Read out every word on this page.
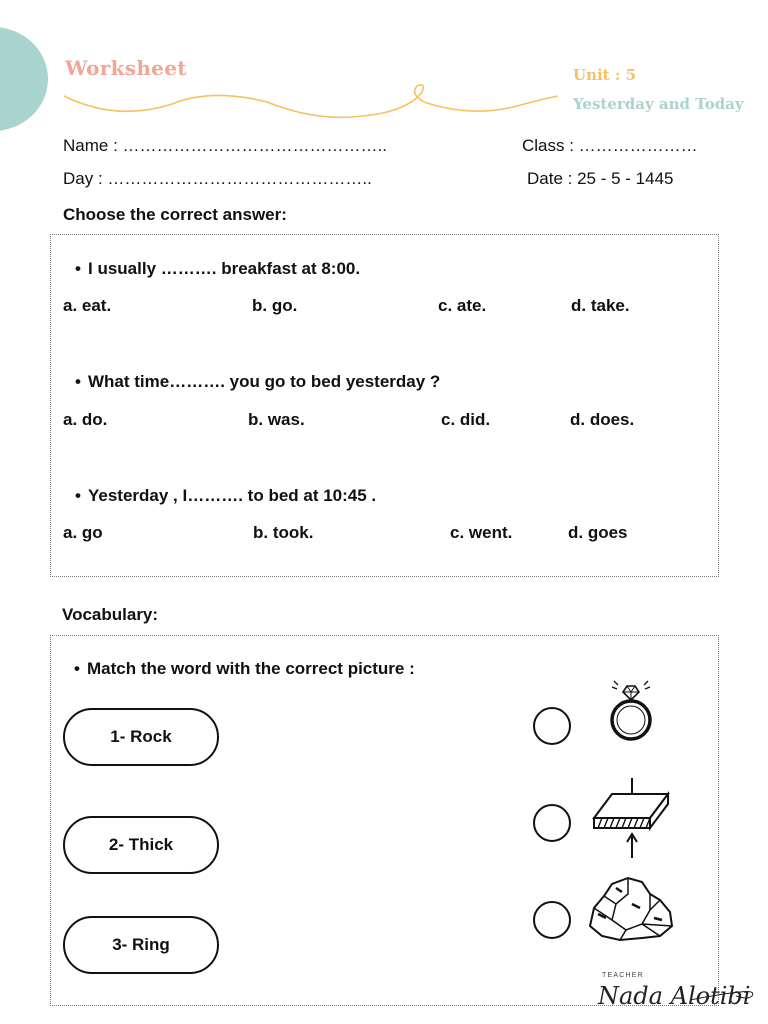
Worksheet	Unit : 5
Yesterday and Today
Name : ………………………………………..	Class : …………………
Day : ………………………………………..	Date : 25 - 5 - 1445
Choose the correct answer:
• I usually ………. breakfast at 8:00.
a. eat.	b. go.	c. ate.	d. take.
• What time………. you go to bed yesterday ?
a. do.	b. was.	c. did.	d. does.
• Yesterday , I………. to bed at 10:45 .
a. go	b. took.	c. went.	d. goes
Vocabulary:
• Match the word with the correct picture :
1- Rock
2- Thick
3- Ring
TEACHER
Nada Alotibi
